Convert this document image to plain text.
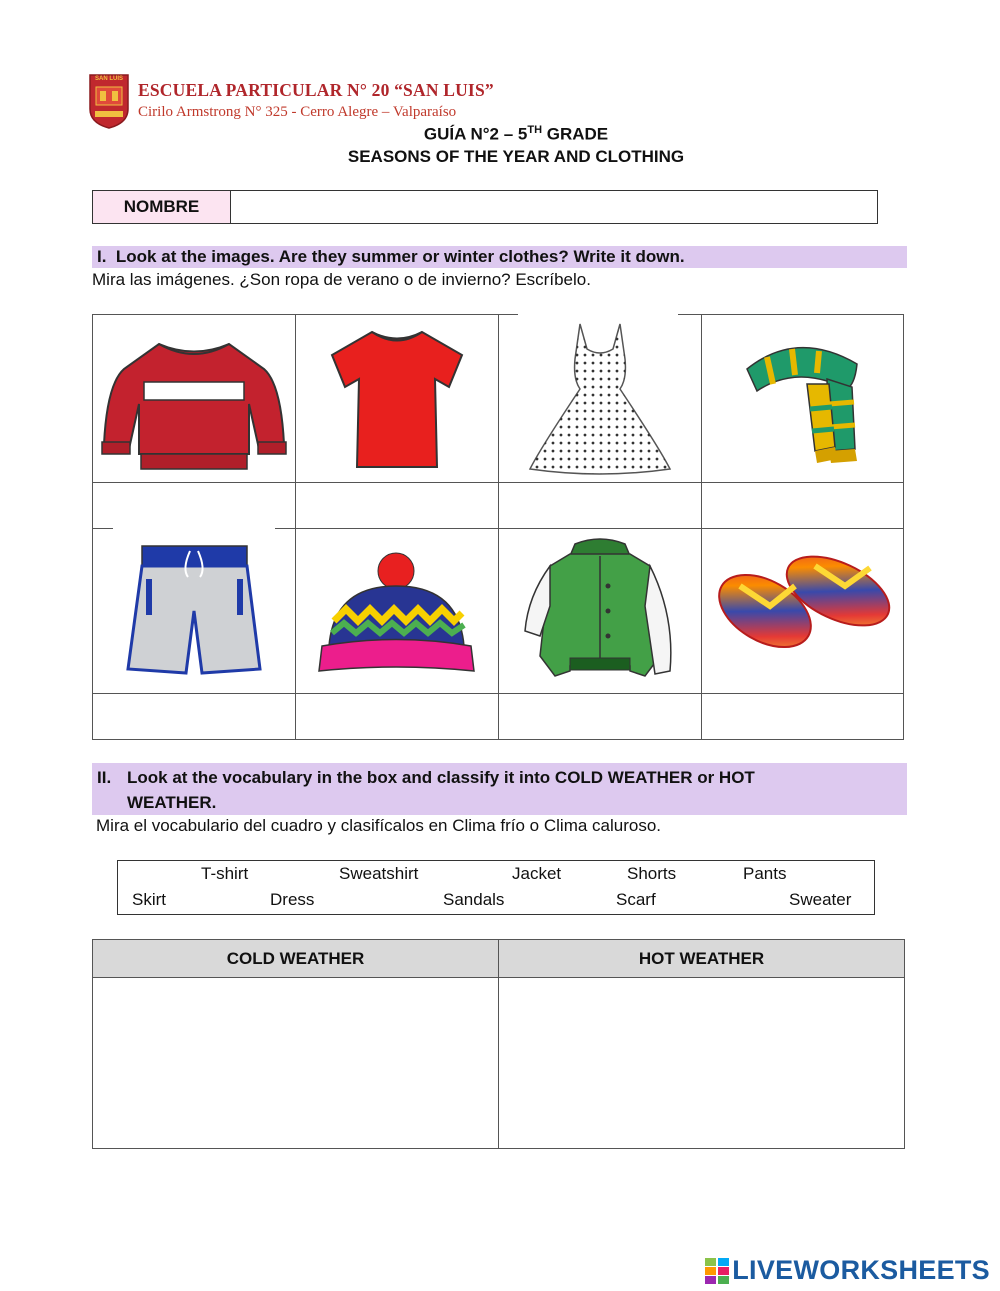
SAN LUIS
ESCUELA PARTICULAR N° 20 “SAN LUIS”
Cirilo Armstrong N° 325 - Cerro Alegre – Valparaíso
GUÍA N°2 – 5TH GRADE
SEASONS OF THE YEAR AND CLOTHING
NOMBRE
I. Look at the images. Are they summer or winter clothes? Write it down.
Mira las imágenes. ¿Son ropa de verano o de invierno? Escríbelo.
II. Look at the vocabulary in the box and classify it into COLD WEATHER or HOT
WEATHER.
Mira el vocabulario del cuadro y clasifícalos en Clima frío o Clima caluroso.
T-shirt	Sweatshirt	Jacket	Shorts	Pants
Skirt	Dress	Sandals	Scarf	Sweater
COLD WEATHER	HOT WEATHER
LIVEWORKSHEETS
